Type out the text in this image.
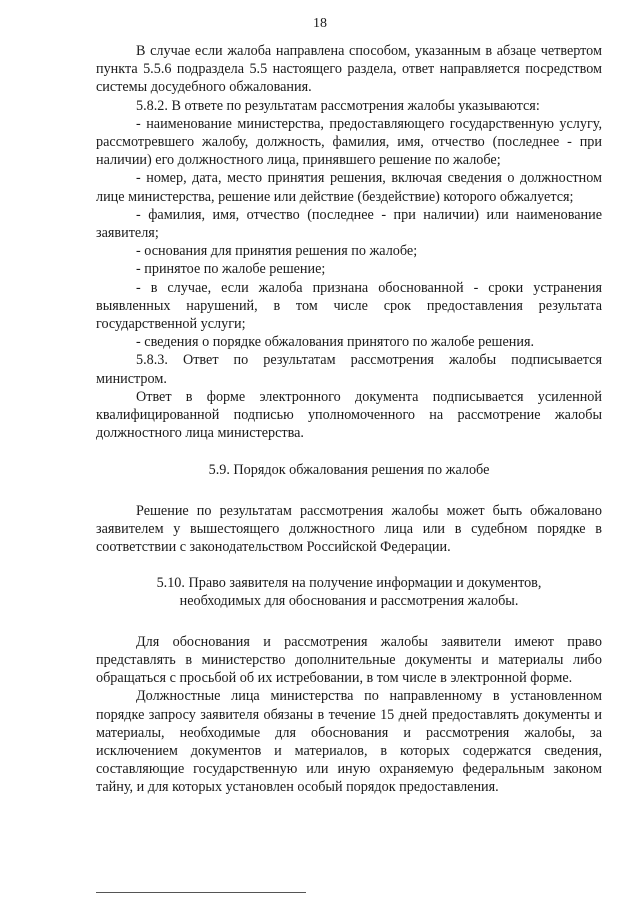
18

В случае если жалоба направлена способом, указанным в абзаце четвертом пункта 5.5.6 подраздела 5.5 настоящего раздела, ответ направляется посредством системы досудебного обжалования.

5.8.2. В ответе по результатам рассмотрения жалобы указываются:

- наименование министерства, предоставляющего государственную услугу, рассмотревшего жалобу, должность, фамилия, имя, отчество (последнее - при наличии) его должностного лица, принявшего решение по жалобе;

- номер, дата, место принятия решения, включая сведения о должностном лице министерства, решение или действие (бездействие) которого обжалуется;

- фамилия, имя, отчество (последнее - при наличии) или наименование заявителя;

- основания для принятия решения по жалобе;

- принятое по жалобе решение;

- в случае, если жалоба признана обоснованной - сроки устранения выявленных нарушений, в том числе срок предоставления результата государственной услуги;

- сведения о порядке обжалования принятого по жалобе решения.

5.8.3. Ответ по результатам рассмотрения жалобы подписывается министром.

Ответ в форме электронного документа подписывается усиленной квалифицированной подписью уполномоченного на рассмотрение жалобы должностного лица министерства.

5.9. Порядок обжалования решения по жалобе

Решение по результатам рассмотрения жалобы может быть обжаловано заявителем у вышестоящего должностного лица или в судебном порядке в соответствии с законодательством Российской Федерации.

5.10. Право заявителя на получение информации и документов,
необходимых для обоснования и рассмотрения жалобы.

Для обоснования и рассмотрения жалобы заявители имеют право представлять в министерство дополнительные документы и материалы либо обращаться с просьбой об их истребовании, в том числе в электронной форме.

Должностные лица министерства по направленному в установленном порядке запросу заявителя обязаны в течение 15 дней предоставлять документы и материалы, необходимые для обоснования и рассмотрения жалобы, за исключением документов и материалов, в которых содержатся сведения, составляющие государственную или иную охраняемую федеральным законом тайну, и для которых установлен особый порядок предоставления.
